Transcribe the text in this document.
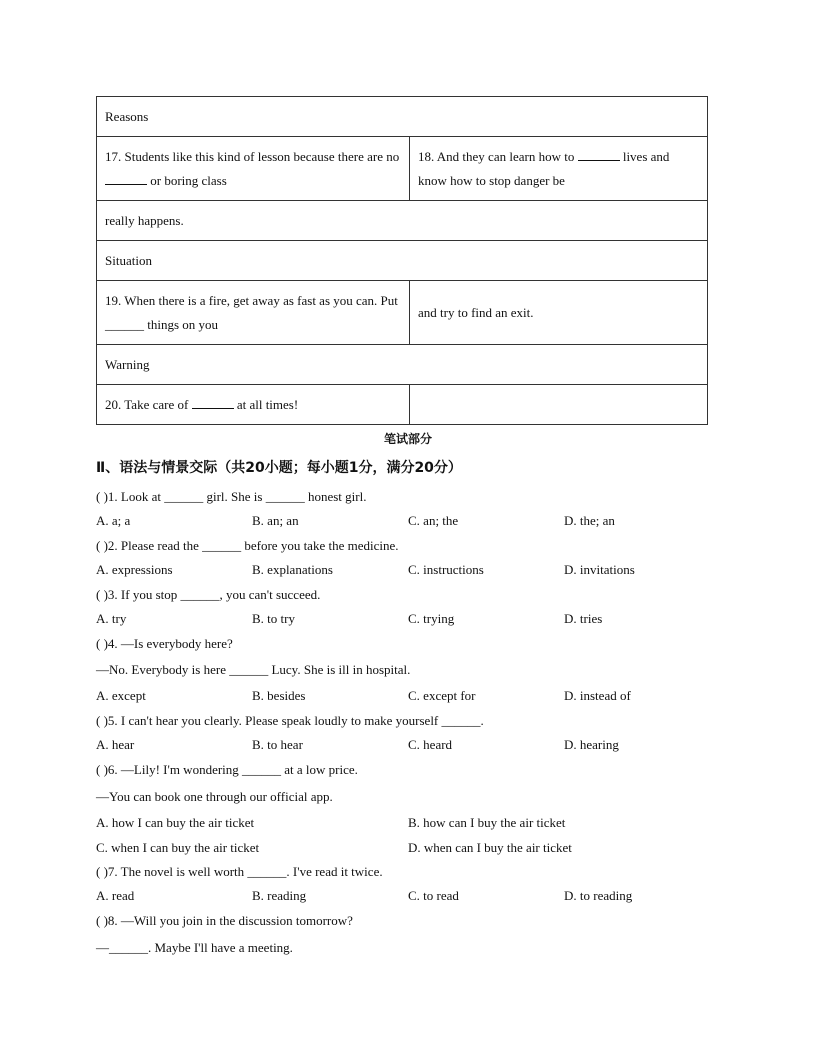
Reasons	
17. Students like this kind of lesson because there are no  or boring class	18. And they can learn how to lives and know how to stop danger be
really happens.	
Situation	
19. When there is a fire, get away as fast as you can. Put ______ things on you	and try to find an exit.
Warning	
20. Take care of at all times!	
笔试部分
Ⅱ、语法与情景交际（共20小题；每小题1分，满分20分）
( )1. Look at ______ girl. She is ______ honest girl.
A. a; a	B. an; an	C. an; the	D. the; an
( )2. Please read the ______ before you take the medicine.
A. expressions	B. explanations	C. instructions	D. invitations
( )3. If you stop ______, you can't succeed.
A. try	B. to try	C. trying	D. tries
( )4. —Is everybody here?
—No. Everybody is here ______ Lucy. She is ill in hospital.
A. except	B. besides	C. except for	D. instead of
( )5. I can't hear you clearly. Please speak loudly to make yourself ______.
A. hear	B. to hear	C. heard	D. hearing
( )6. —Lily! I'm wondering ______ at a low price.
—You can book one through our official app.
A. how I can buy the air ticket	B. how can I buy the air ticket
C. when I can buy the air ticket	D. when can I buy the air ticket
( )7. The novel is well worth ______. I've read it twice.
A. read	B. reading	C. to read	D. to reading
( )8. —Will you join in the discussion tomorrow?
—______. Maybe I'll have a meeting.
